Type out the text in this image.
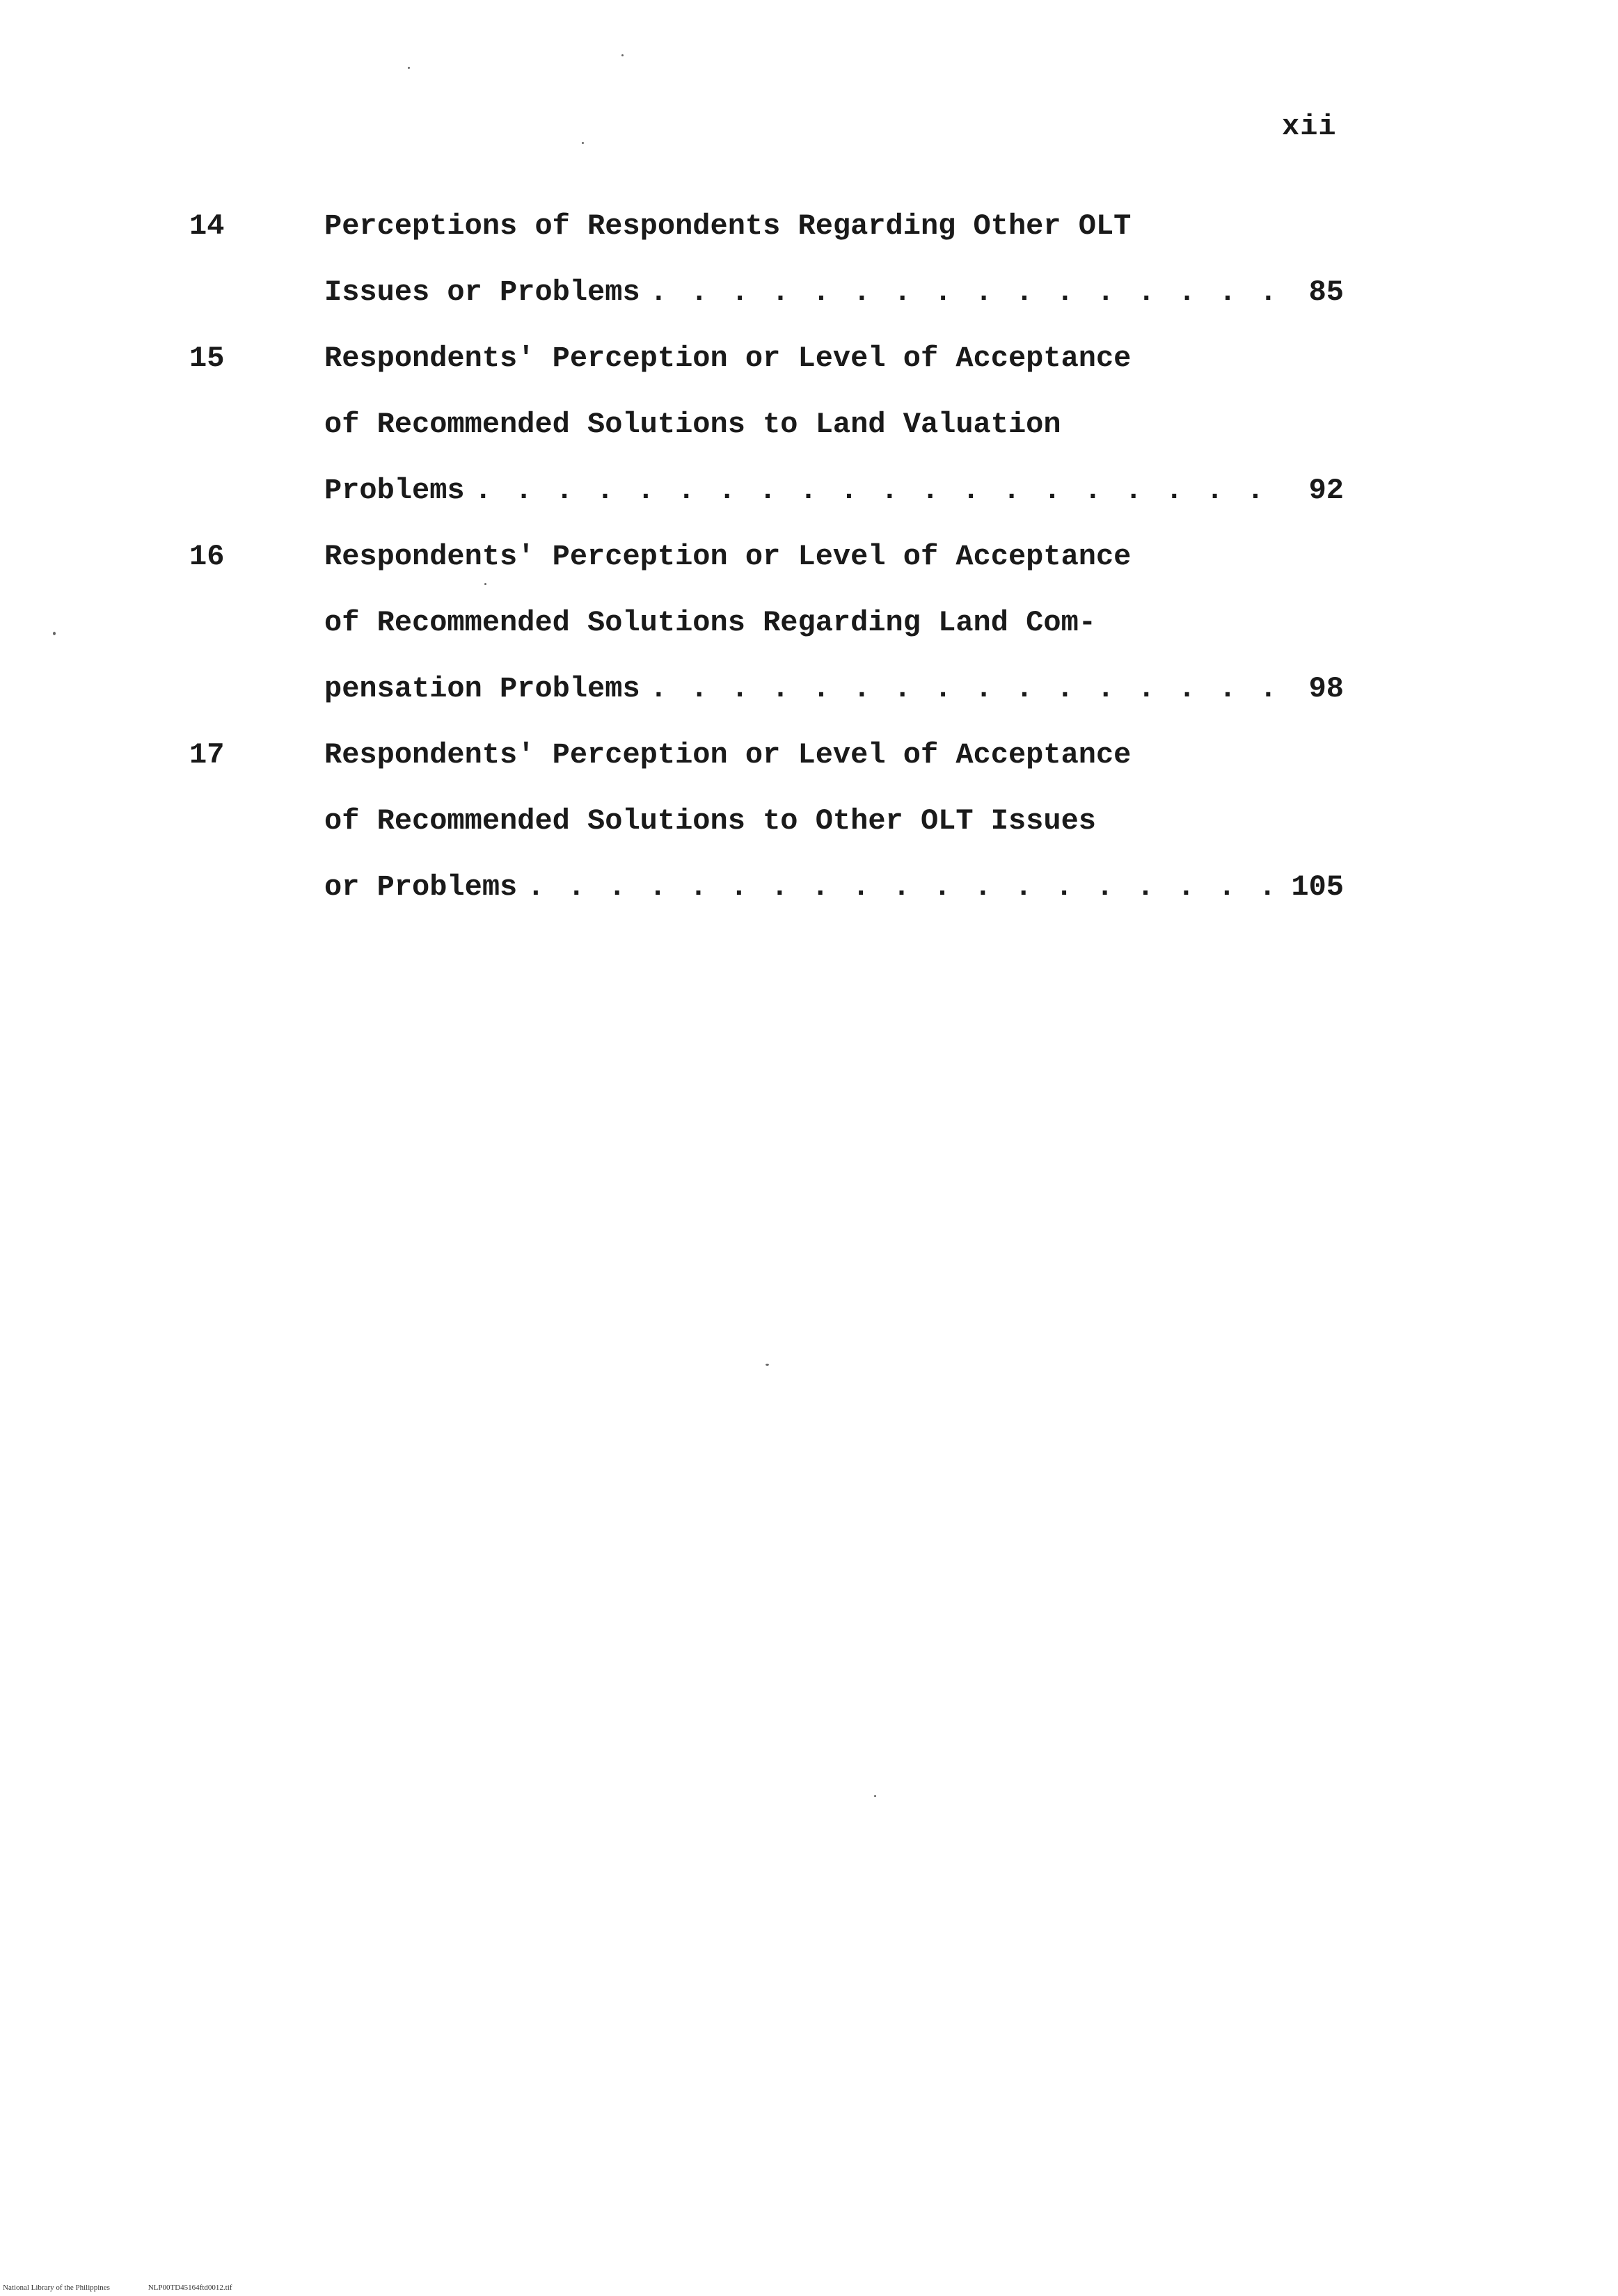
xii
14	Perceptions of Respondents Regarding Other OLT
Issues or Problems . . .	85
15	Respondents' Perception or Level of Acceptance
of Recommended Solutions to Land Valuation
Problems . . .	92
16	Respondents' Perception or Level of Acceptance
of Recommended Solutions Regarding Land Com-
pensation Problems . . .	98
17	Respondents' Perception or Level of Acceptance
of Recommended Solutions to Other OLT Issues
or Problems . . .	105
National Library of the Philippines	NLP00TD45164ftd0012.tif
